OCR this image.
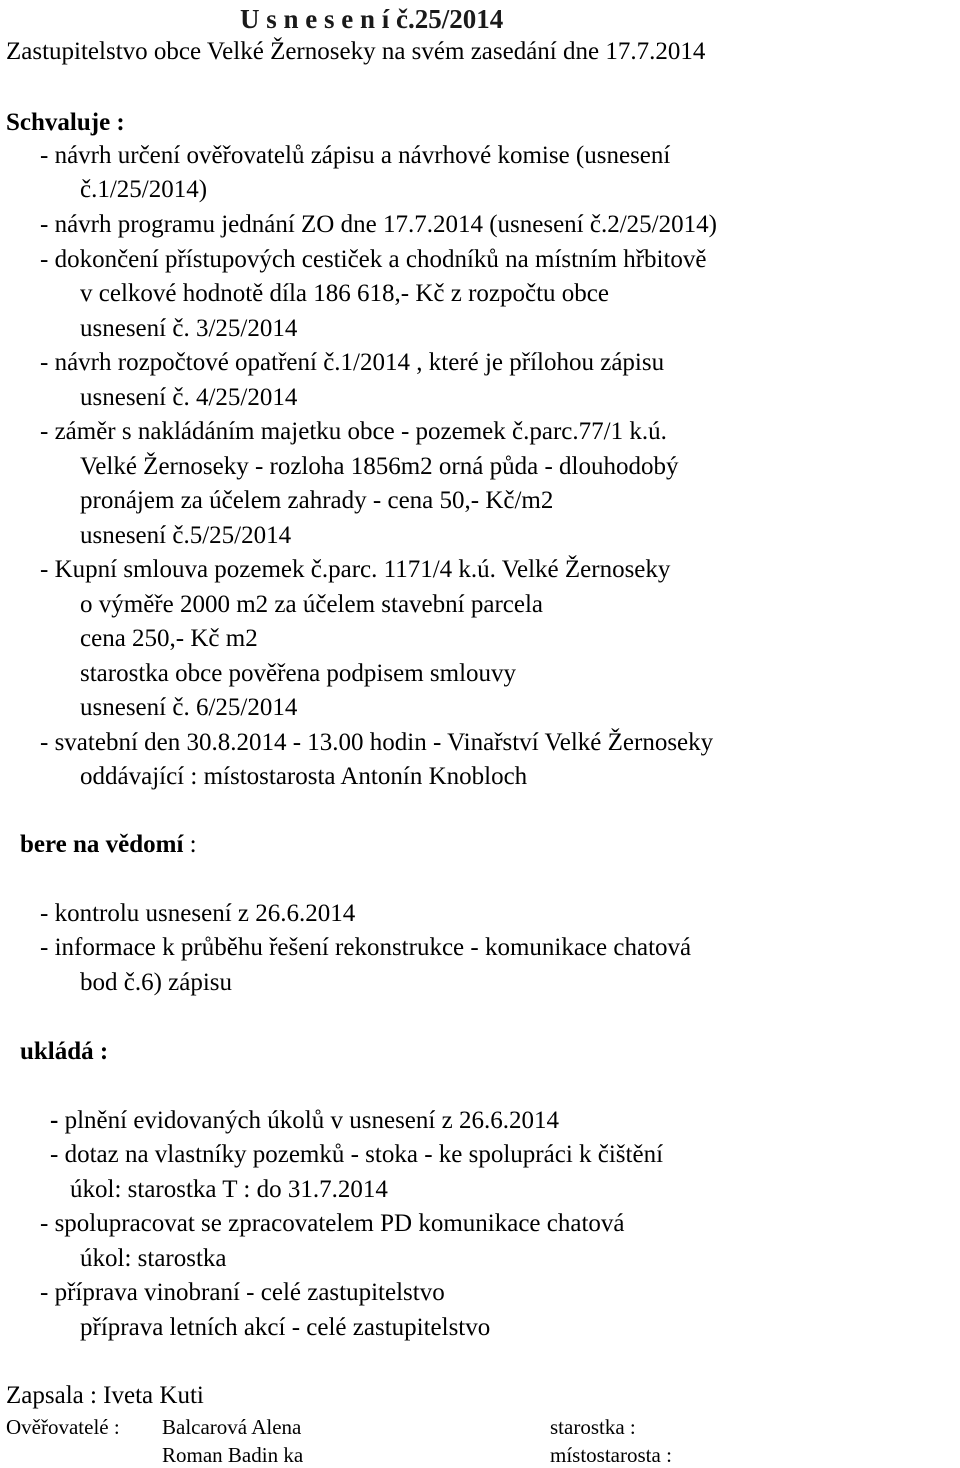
U s n e s e n í č.25/2014
Zastupitelstvo obce Velké Žernoseky na svém zasedání dne 17.7.2014
Schvaluje :
- návrh určení ověřovatelů zápisu a návrhové komise (usnesení
č.1/25/2014)
- návrh programu jednání ZO dne 17.7.2014 (usnesení č.2/25/2014)
- dokončení přístupových cestiček a chodníků na místním hřbitově
v celkové hodnotě díla 186 618,- Kč z rozpočtu obce
usnesení č. 3/25/2014
- návrh rozpočtové opatření č.1/2014 , které je přílohou zápisu
usnesení č. 4/25/2014
- záměr s nakládáním majetku obce - pozemek č.parc.77/1 k.ú.
Velké Žernoseky - rozloha 1856m2 orná půda - dlouhodobý
pronájem za účelem zahrady - cena 50,- Kč/m2
usnesení č.5/25/2014
- Kupní smlouva pozemek č.parc. 1171/4 k.ú. Velké Žernoseky
o výměře 2000 m2 za účelem stavební parcela
cena 250,- Kč m2
starostka obce pověřena podpisem smlouvy
usnesení č. 6/25/2014
- svatební den 30.8.2014 - 13.00 hodin - Vinařství Velké Žernoseky
oddávající : místostarosta Antonín Knobloch
bere na vědomí :
- kontrolu usnesení z 26.6.2014
- informace k průběhu řešení rekonstrukce - komunikace chatová
bod č.6) zápisu
ukládá :
- plnění evidovaných úkolů v usnesení z 26.6.2014
- dotaz na vlastníky pozemků - stoka - ke spolupráci k čištění
úkol: starostka T : do 31.7.2014
- spolupracovat se zpracovatelem PD komunikace chatová
úkol: starostka
- příprava vinobraní - celé zastupitelstvo
příprava letních akcí - celé zastupitelstvo
Zapsala : Iveta Kuti
Ověřovatelé : Balcarová Alena	starostka :
Roman Badin ka	místostarosta :
